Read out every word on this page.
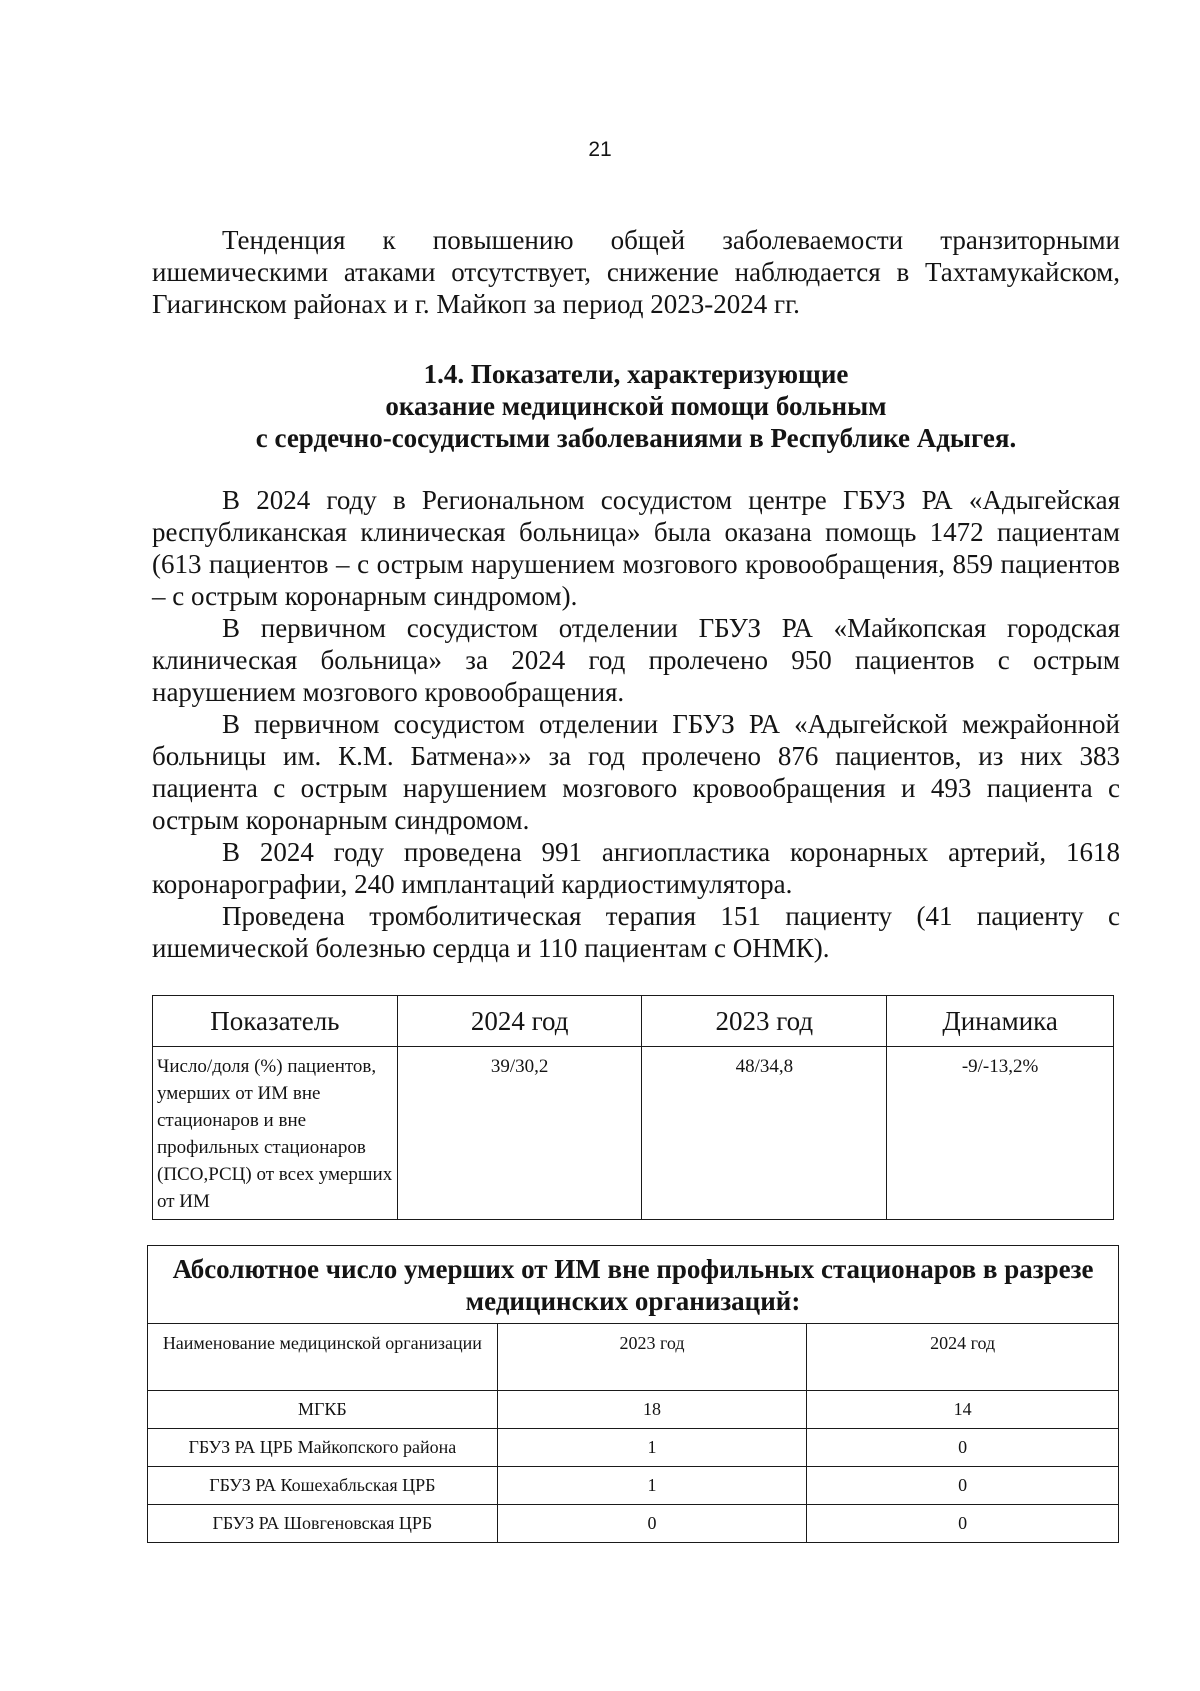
21

Тенденция к повышению общей заболеваемости транзиторными ишемическими атаками отсутствует, снижение наблюдается в Тахтамукайском, Гиагинском районах и г. Майкоп за период 2023-2024 гг.

1.4. Показатели, характеризующие
оказание медицинской помощи больным
с сердечно-сосудистыми заболеваниями в Республике Адыгея.

В 2024 году в Региональном сосудистом центре ГБУЗ РА «Адыгейская республиканская клиническая больница» была оказана помощь 1472 пациентам (613 пациентов – с острым нарушением мозгового кровообращения, 859 пациентов – с острым коронарным синдромом).

В первичном сосудистом отделении ГБУЗ РА «Майкопская городская клиническая больница» за 2024 год пролечено 950 пациентов с острым нарушением мозгового кровообращения.

В первичном сосудистом отделении ГБУЗ РА «Адыгейской межрайонной больницы им. К.М. Батмена»» за год пролечено 876 пациентов, из них 383 пациента с острым нарушением мозгового кровообращения и 493 пациента с острым коронарным синдромом.

В 2024 году проведена 991 ангиопластика коронарных артерий, 1618 коронарографии, 240 имплантаций кардиостимулятора.

Проведена тромболитическая терапия 151 пациенту (41 пациенту с ишемической болезнью сердца и 110 пациентам с ОНМК).

Показатель	2024 год	2023 год	Динамика
Число/доля (%) пациентов, умерших от ИМ вне стационаров и вне профильных стационаров (ПСО,РСЦ) от всех умерших от ИМ	39/30,2	48/34,8	-9/-13,2%
Абсолютное число умерших от ИМ вне профильных стационаров в разрезе медицинских организаций:		
Наименование медицинской организации	2023 год	2024 год
МГКБ	18	14
ГБУЗ РА ЦРБ Майкопского района	1	0
ГБУЗ РА Кошехабльская ЦРБ	1	0
ГБУЗ РА Шовгеновская ЦРБ	0	0
